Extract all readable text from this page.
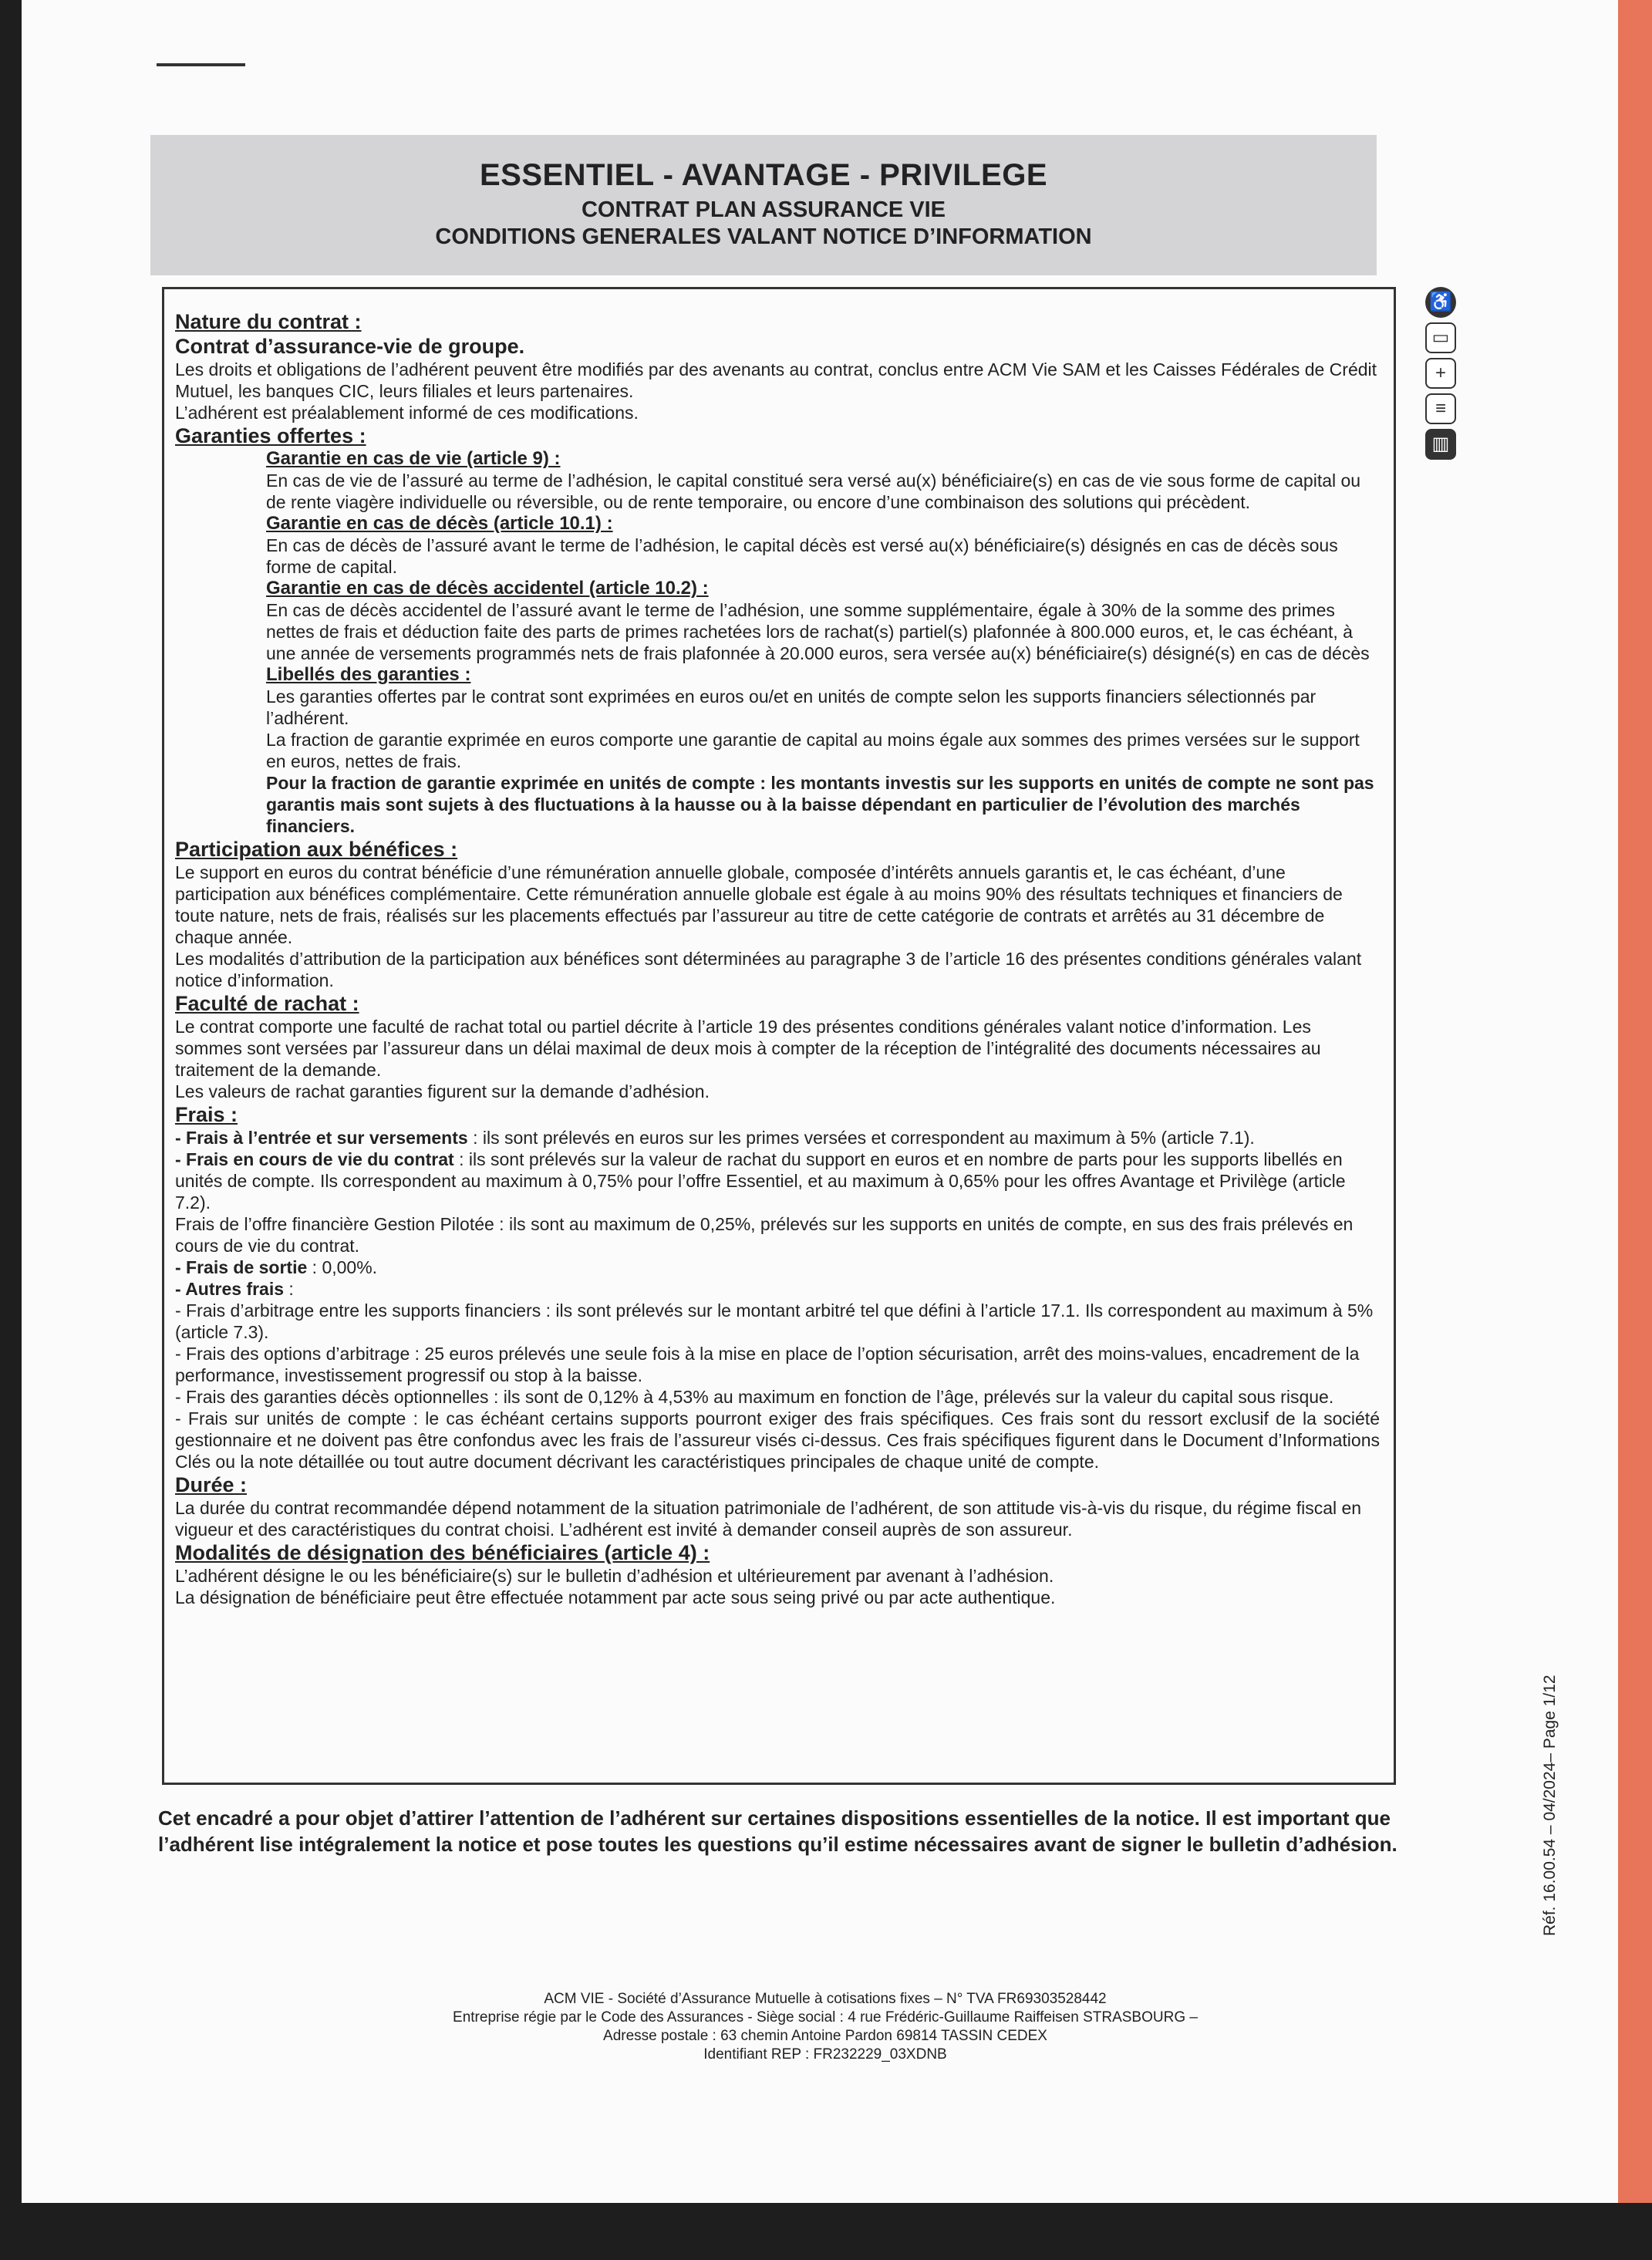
ESSENTIEL - AVANTAGE - PRIVILEGE
CONTRAT PLAN ASSURANCE VIE
CONDITIONS GENERALES VALANT NOTICE D’INFORMATION
♿
▭
+
≡
▥

Nature du contrat :

Contrat d’assurance-vie de groupe.

Les droits et obligations de l’adhérent peuvent être modifiés par des avenants au contrat, conclus entre ACM Vie SAM et les Caisses Fédérales de Crédit Mutuel, les banques CIC, leurs filiales et leurs partenaires.

L’adhérent est préalablement informé de ces modifications.

Garanties offertes :

Garantie en cas de vie (article 9) :

En cas de vie de l’assuré au terme de l’adhésion, le capital constitué sera versé au(x) bénéficiaire(s) en cas de vie sous forme de capital ou de rente viagère individuelle ou réversible, ou de rente temporaire, ou encore d’une combinaison des solutions qui précèdent.

Garantie en cas de décès (article 10.1) :

En cas de décès de l’assuré avant le terme de l’adhésion, le capital décès est versé au(x) bénéficiaire(s) désignés en cas de décès sous forme de capital.

Garantie en cas de décès accidentel (article 10.2) :

En cas de décès accidentel de l’assuré avant le terme de l’adhésion, une somme supplémentaire, égale à 30% de la somme des primes nettes de frais et déduction faite des parts de primes rachetées lors de rachat(s) partiel(s) plafonnée à 800.000 euros, et, le cas échéant, à une année de versements programmés nets de frais plafonnée à 20.000 euros, sera versée au(x) bénéficiaire(s) désigné(s) en cas de décès

Libellés des garanties :

Les garanties offertes par le contrat sont exprimées en euros ou/et en unités de compte selon les supports financiers sélectionnés par l’adhérent.

La fraction de garantie exprimée en euros comporte une garantie de capital au moins égale aux sommes des primes versées sur le support en euros, nettes de frais.

Pour la fraction de garantie exprimée en unités de compte : les montants investis sur les supports en unités de compte ne sont pas garantis mais sont sujets à des fluctuations à la hausse ou à la baisse dépendant en particulier de l’évolution des marchés financiers.

Participation aux bénéfices :

Le support en euros du contrat bénéficie d’une rémunération annuelle globale, composée d’intérêts annuels garantis et, le cas échéant, d’une participation aux bénéfices complémentaire. Cette rémunération annuelle globale est égale à au moins 90% des résultats techniques et financiers de toute nature, nets de frais, réalisés sur les placements effectués par l’assureur au titre de cette catégorie de contrats et arrêtés au 31 décembre de chaque année.

Les modalités d’attribution de la participation aux bénéfices sont déterminées au paragraphe 3 de l’article 16 des présentes conditions générales valant notice d’information.

Faculté de rachat :

Le contrat comporte une faculté de rachat total ou partiel décrite à l’article 19 des présentes conditions générales valant notice d’information. Les sommes sont versées par l’assureur dans un délai maximal de deux mois à compter de la réception de l’intégralité des documents nécessaires au traitement de la demande.

Les valeurs de rachat garanties figurent sur la demande d’adhésion.

Frais :

- Frais à l’entrée et sur versements : ils sont prélevés en euros sur les primes versées et correspondent au maximum à 5% (article 7.1).

- Frais en cours de vie du contrat : ils sont prélevés sur la valeur de rachat du support en euros et en nombre de parts pour les supports libellés en unités de compte. Ils correspondent au maximum à 0,75% pour l’offre Essentiel, et au maximum à 0,65% pour les offres Avantage et Privilège (article 7.2).

Frais de l’offre financière Gestion Pilotée : ils sont au maximum de 0,25%, prélevés sur les supports en unités de compte, en sus des frais prélevés en cours de vie du contrat.

- Frais de sortie : 0,00%.

- Autres frais :

- Frais d’arbitrage entre les supports financiers : ils sont prélevés sur le montant arbitré tel que défini à l’article 17.1. Ils correspondent au maximum à 5% (article 7.3).

- Frais des options d’arbitrage : 25 euros prélevés une seule fois à la mise en place de l’option sécurisation, arrêt des moins-values, encadrement de la performance, investissement progressif ou stop à la baisse.

- Frais des garanties décès optionnelles : ils sont de 0,12% à 4,53% au maximum en fonction de l’âge, prélevés sur la valeur du capital sous risque.

- Frais sur unités de compte : le cas échéant certains supports pourront exiger des frais spécifiques. Ces frais sont du ressort exclusif de la société gestionnaire et ne doivent pas être confondus avec les frais de l’assureur visés ci-dessus. Ces frais spécifiques figurent dans le Document d’Informations Clés ou la note détaillée ou tout autre document décrivant les caractéristiques principales de chaque unité de compte.

Durée :

La durée du contrat recommandée dépend notamment de la situation patrimoniale de l’adhérent, de son attitude vis-à-vis du risque, du régime fiscal en vigueur et des caractéristiques du contrat choisi. L’adhérent est invité à demander conseil auprès de son assureur.

Modalités de désignation des bénéficiaires (article 4) :

L’adhérent désigne le ou les bénéficiaire(s) sur le bulletin d’adhésion et ultérieurement par avenant à l’adhésion.

La désignation de bénéficiaire peut être effectuée notamment par acte sous seing privé ou par acte authentique.

Cet encadré a pour objet d’attirer l’attention de l’adhérent sur certaines dispositions essentielles de la notice. Il est important que l’adhérent lise intégralement la notice et pose toutes les questions qu’il estime nécessaires avant de signer le bulletin d’adhésion.	Réf. 16.00.54 – 04/2024– Page 1/12
ACM VIE - Société d’Assurance Mutuelle à cotisations fixes – N° TVA FR69303528442
Entreprise régie par le Code des Assurances - Siège social : 4 rue Frédéric-Guillaume Raiffeisen STRASBOURG –
Adresse postale : 63 chemin Antoine Pardon 69814 TASSIN CEDEX
Identifiant REP : FR232229_03XDNB
